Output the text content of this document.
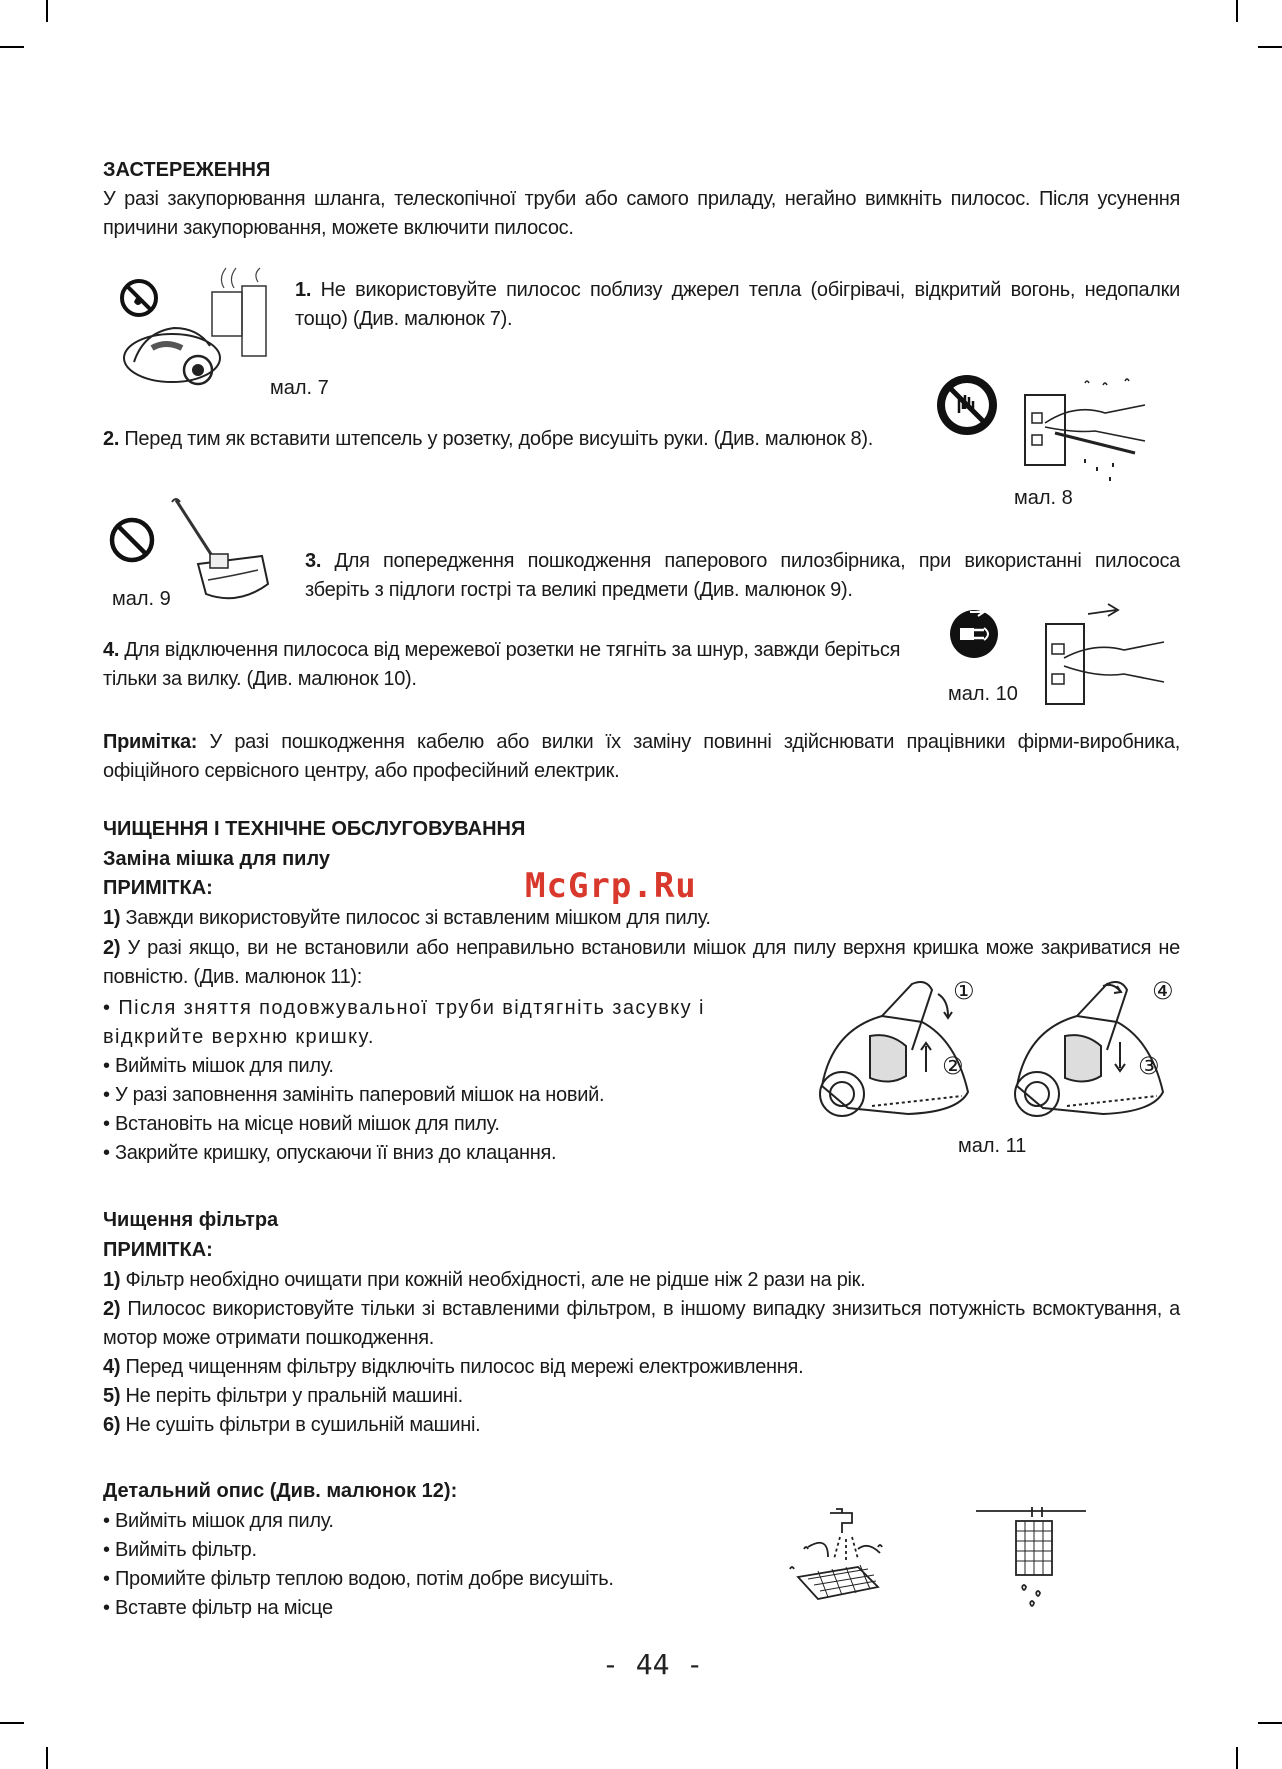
ЗАСТЕРЕЖЕННЯ
У разі закупорювання шланга, телескопічної труби або самого приладу, негайно вимкніть пилосос. Після усунення причини закупорювання, можете включити пилосос.
1. Не використовуйте пилосос поблизу джерел тепла (обігрівачі, відкритий вогонь, недопалки тощо) (Див. малюнок 7).
мал. 7
2. Перед тим як вставити штепсель у розетку, добре висушіть руки. (Див. малюнок 8).
мал. 8
мал. 9
3. Для попередження пошкодження паперового пилозбірника, при використанні пилососа зберіть з підлоги гострі та великі предмети (Див. малюнок 9).
4. Для відключення пилососа від мережевої розетки не тягніть за шнур, завжди беріться тільки за вилку. (Див. малюнок 10).
мал. 10
Примітка: У разі пошкодження кабелю або вилки їх заміну повинні здійснювати працівники фірми-виробника, офіційного сервісного центру, або професійний електрик.
ЧИЩЕННЯ І ТЕХНІЧНЕ ОБСЛУГОВУВАННЯ
Заміна мішка для пилу
ПРИМІТКА:	McGrp.Ru
1) Завжди використовуйте пилосос зі вставленим мішком для пилу.
2) У разі якщо, ви не встановили або неправильно встановили мішок для пилу верхня кришка може закриватися не повністю. (Див. малюнок 11):
• Після зняття подовжувальної труби відтягніть засувку і відкрийте верхню кришку.
• Вийміть мішок для пилу.
• У разі заповнення замініть паперовий мішок на новий.
• Встановіть на місце новий мішок для пилу.
• Закрийте кришку, опускаючи її вниз до клацання.
①
②	③
④
мал. 11
Чищення фільтра
ПРИМІТКА:
1) Фільтр необхідно очищати при кожній необхідності, але не рідше ніж 2 рази на рік.
2) Пилосос використовуйте тільки зі вставленими фільтром, в іншому випадку знизиться потужність всмоктування, а мотор може отримати пошкодження.
4) Перед чищенням фільтру відключіть пилосос від мережі електроживлення.
5) Не періть фільтри у пральній машині.
6) Не сушіть фільтри в сушильній машині.
Детальний опис (Див. малюнок 12):
• Вийміть мішок для пилу.
• Вийміть фільтр.
• Промийте фільтр теплою водою, потім добре висушіть.
• Вставте фільтр на місце
- 44 -
